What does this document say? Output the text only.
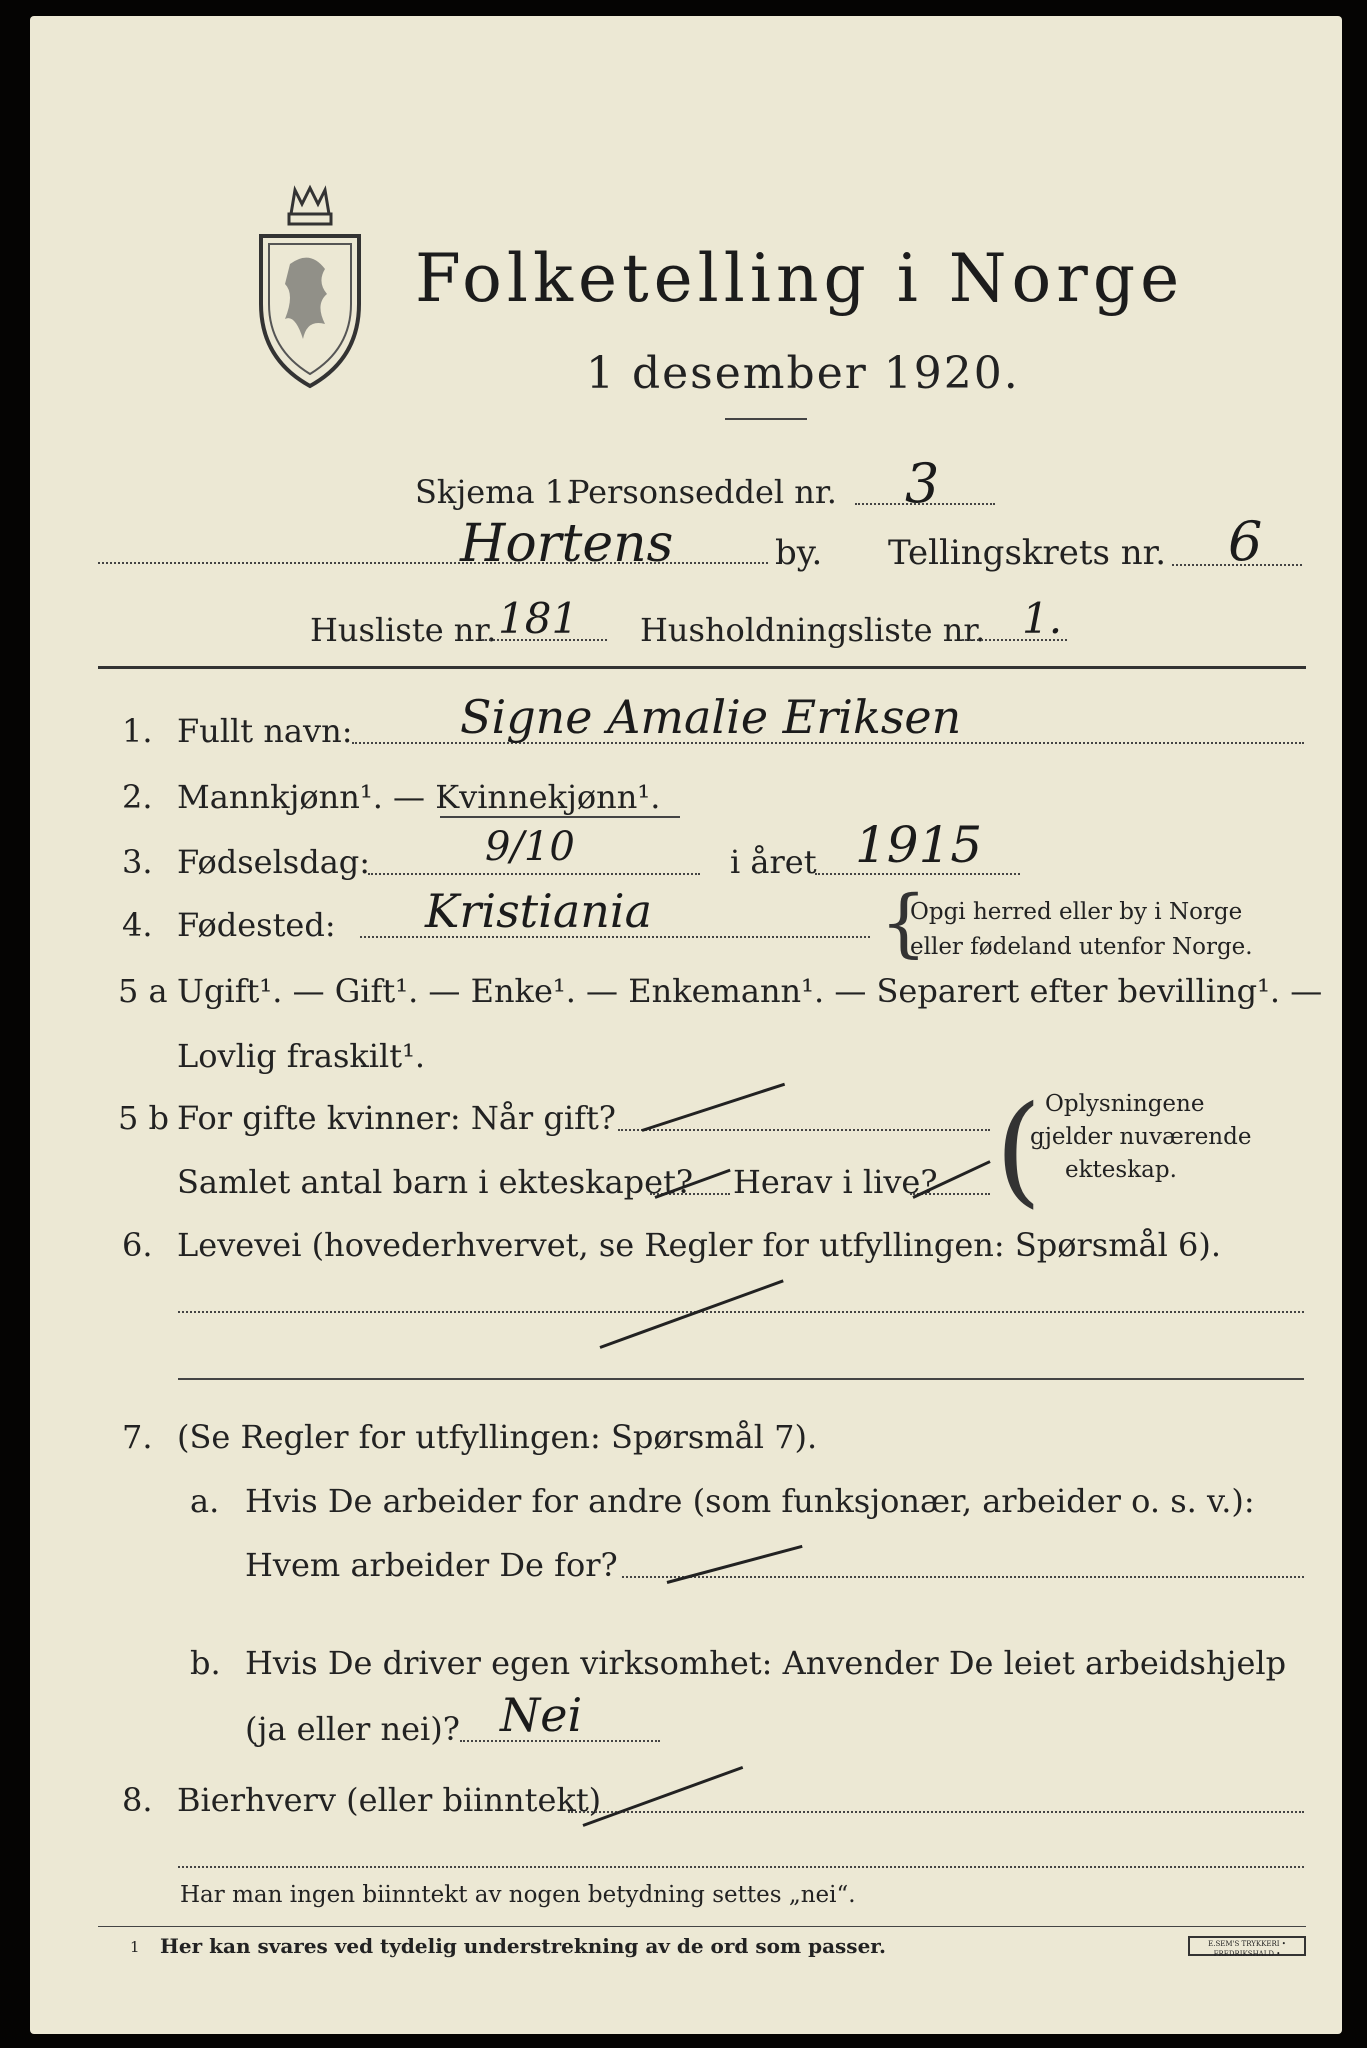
Folketelling i Norge
1 desember 1920.
Skjema 1.
Personseddel nr. 3
Hortens	by. Tellingskrets nr. 6
Husliste nr. 181 Husholdningsliste nr. 1.
1. Fullt navn: Signe Amalie Eriksen
2. Mannkjønn¹. — Kvinnekjønn¹.
3. Fødselsdag:	9/10	i året 1915
4. Fødested: Kristiania	{
Opgi herred eller by i Norge
eller fødeland utenfor Norge.
5 a Ugift¹. — Gift¹. — Enke¹. — Enkemann¹. — Separert efter bevilling¹. —
Lovlig fraskilt¹.
5 b For gifte kvinner: Når gift?
Samlet antal barn i ekteskapet? Herav i live? ( Oplysningene
gjelder nuværende
ekteskap.
6. Levevei (hovederhvervet, se Regler for utfyllingen: Spørsmål 6).
7. (Se Regler for utfyllingen: Spørsmål 7).
a. Hvis De arbeider for andre (som funksjonær, arbeider o. s. v.):
Hvem arbeider De for?
b. Hvis De driver egen virksomhet: Anvender De leiet arbeidshjelp
(ja eller nei)? Nei
8. Bierhverv (eller biinntekt)
Har man ingen biinntekt av nogen betydning settes „nei“.
1 Her kan svares ved tydelig understrekning av de ord som passer.	E.SEM'S TRYKKERI • FREDRIKSHALD •
